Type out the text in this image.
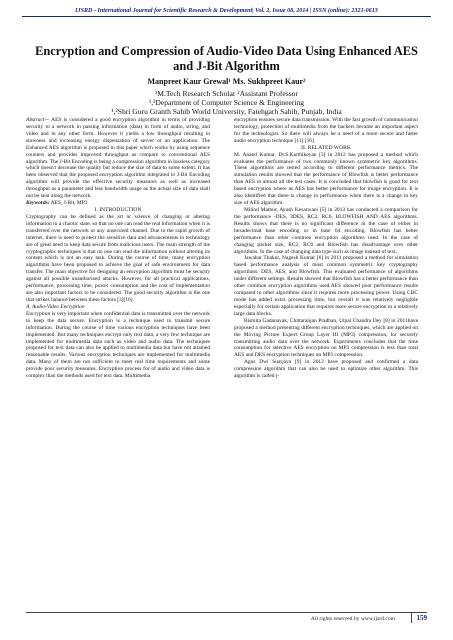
IJSRD - International Journal for Scientific Research & Development| Vol. 2, Issue 08, 2014 | ISSN (online): 2321-0613
Encryption and Compression of Audio-Video Data Using Enhanced AES and J-Bit Algorithm
Manpreet Kaur Grewal¹ Ms. Sukhpreet Kaur²
¹M.Tech Research Scholar ²Assistant Professor
¹,²Department of Computer Science & Engineering
¹,²Shri Guru Granth Sahib World University, Fatehgarh Sahib, Punjab, India

Abstract— AES is considered a good encryption algorithm in terms of providing security to a network in passing information (data) in form of audio, string, and video and in any other form. However it yields a low throughput resulting in slowness and increasing energy dispensation of server or an application. The Enhanced AES algorithm is proposed in this paper which works by using sequence counters and provides improved throughput as compare to conventional AES algorithm. The J-Bit Encoding is being a compression algorithm in lossless category which doesn't decrease the quality but reduce the size of data to some extent. It has been observed that the proposed encryption algorithm integrated to J-Bit Encoding algorithm will provide the effective security measures as well as increased throughput as a parameter and less bandwidth usage as the actual size of data shall not be sent along the network.

Keywords: AES, J-Bit, MP3

I. INTRODUCTION

Cryptography can be defined as the art or science of changing or altering information to a chaotic state, so that no one can read the real information when it is transferred over the network or any unsecured channel. Due to the rapid growth of internet, there is need to protect the sensitive data and advancements in technology are of great need to keep data secure from malicious users. The main strength of the cryptographic techniques is that no one can read the information without altering its content which is not an easy task. During the course of time, many encryption algorithms have been proposed to achieve the goal of safe environment for data transfer. The main objective for designing an encryption algorithm must be security against all possible unauthorized attacks. However, for all practical applications, performance, processing time, power consumption and the cost of implementation are also important factors to be considered. The good security algorithm is the one that strikes balance between these factors [3][16].

A. Audio-Video Encryption

Encryption is very important when confidential data is transmitted over the network to keep the data secure. Encryption is a technique used to transmit secure information. During the course of time various encryption techniques have been implemented. But many techniques encrypt only text data, a very few technique are implemented for multimedia data such as video and audio data. The techniques proposed for text data can also be applied to multimedia data but have not attained reasonable results. Various encryption techniques are implemented for multimedia data. Many of them are not sufficient to meet real time requirements and some provide poor security measures. Encryption process for of audio and video data is complex than the methods used for text data. Multimedia

encryption ensures secure data transmission. With the fast growth of communication technology, protection of multimedia from the hackers became an important aspect for the technologist. So there will always be a need of a more secure and faster audio encryption technique [11] [16]

II. RELATED WORK

M. Anand Kumar, Dr.S.Karthikeyan [3] in 2012 has proposed a method which evaluates the performance of two commonly known symmetric key algorithms. These algorithms are tested according to different performance metrics. The simulation results showed that the performance of Blowfish is better performance than AES in almost all the test cases. It is concluded that blowfish is good for text based encryption where as AES has better performance for image encryption. It is also identified that there is change in performance when there is a change in key size of AES algorithm.

Milind Mathur, Ayush Kesarwani [5] in 2013 has conducted a comparison for the performance -DES, 3DES, RC2, RC6, BLOWFISH AND AES algorithms. Results shows that there is no significant difference in the case of either in hexadecimal base encoding or in base 64 encoding. Blowfish has better performance than other common encryption algorithms used. In the case of changing packet size, RC2, RC6 and Blowfish has disadvantage over other algorithms. In the case of changing data type such as image instead of text.

Jawahar Thakur, Nagesh Kumar [6] in 2011 proposed a method for simulation based performance analysis of most common symmetric key cryptography algorithms: DES, AES, and Blowfish. This evaluated performance of algorithms under different settings. Results showed that Blowfish has a better performance than other common encryption algorithms used.AES showed poor performance results compared to other algorithms since it requires more processing power. Using CBC mode has added extra processing time, but overall it was relatively negligible especially for certain application that requires more secure encryption to a relatively large data blocks.

Bismita Gadanayak, Chittaranjan Pradhan, Utpal Chandra Dey [8] in 2011have proposed a method presenting different encryption techniques, which are applied on the Moving Picture Expert Group Layer III (MP3) compression, for securely transmitting audio data over the network. Experiments concludes that the time consumption for selective AES encryption on MP3 compression is less than total AES and DES encryption techniques on MP3 compression.

Agus Dwi Suarjaya [9] in 2012 have proposed and confirmed a data compression algorithm that can also be used to optimize other algorithm. This algorithm is called j-

All rights reserved by www.ijsrd.com	159
